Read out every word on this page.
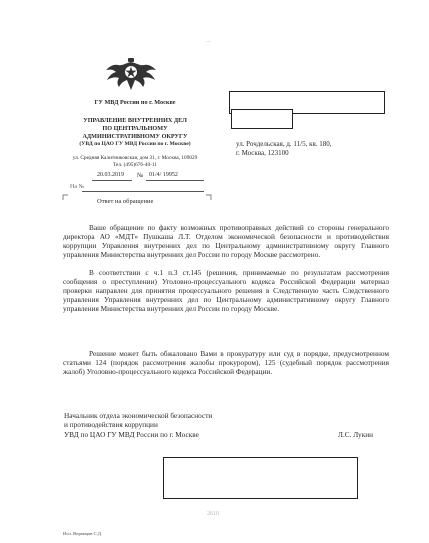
ГУ МВД России по г. Москве
УПРАВЛЕНИЕ ВНУТРЕННИХ ДЕЛ
ПО ЦЕНТРАЛЬНОМУ
АДМИНИСТРАТИВНОМУ ОКРУГУ
(УВД по ЦАО ГУ МВД России по г. Москве)
ул. Средняя Калитниковская, дом 31, г. Москва, 109029
Тел. (495)676-40-11
20.03.2019 № 01/4/ 19952
На №
Ответ на обращение
ул. Рочдельская, д. 11/5, кв. 180,
г. Москва, 123100
—
2610
Ваше обращение по факту возможных противоправных действий со стороны генерального директора АО «МДТ» Пушкаша Л.Т. Отделом экономической безопасности и противодействия коррупции Управления внутренних дел по Центральному административному округу Главного управления Министерства внутренних дел России по городу Москве рассмотрено.
В соответствии с ч.1 п.3 ст.145 (решения, принимаемые по результатам рассмотрения сообщения о преступлении) Уголовно-процессуального кодекса Российской Федерации материал проверки направлен для принятия процессуального решения в Следственную часть Следственного управления Управления внутренних дел по Центральному административному округу Главного управления Министерства внутренних дел России по городу Москве.
Решение может быть обжаловано Вами в прокуратуру или суд в порядке, предусмотренном статьями 124 (порядок рассмотрения жалобы прокурором), 125 (судебный порядок рассмотрения жалоб) Уголовно-процессуального кодекса Российской Федерации.
Начальник отдела экономической безопасности
и противодействия коррупции
УВД по ЦАО ГУ МВД России по г. Москве	Л.С. Лукин
Исп. Воронцов С.Д.
